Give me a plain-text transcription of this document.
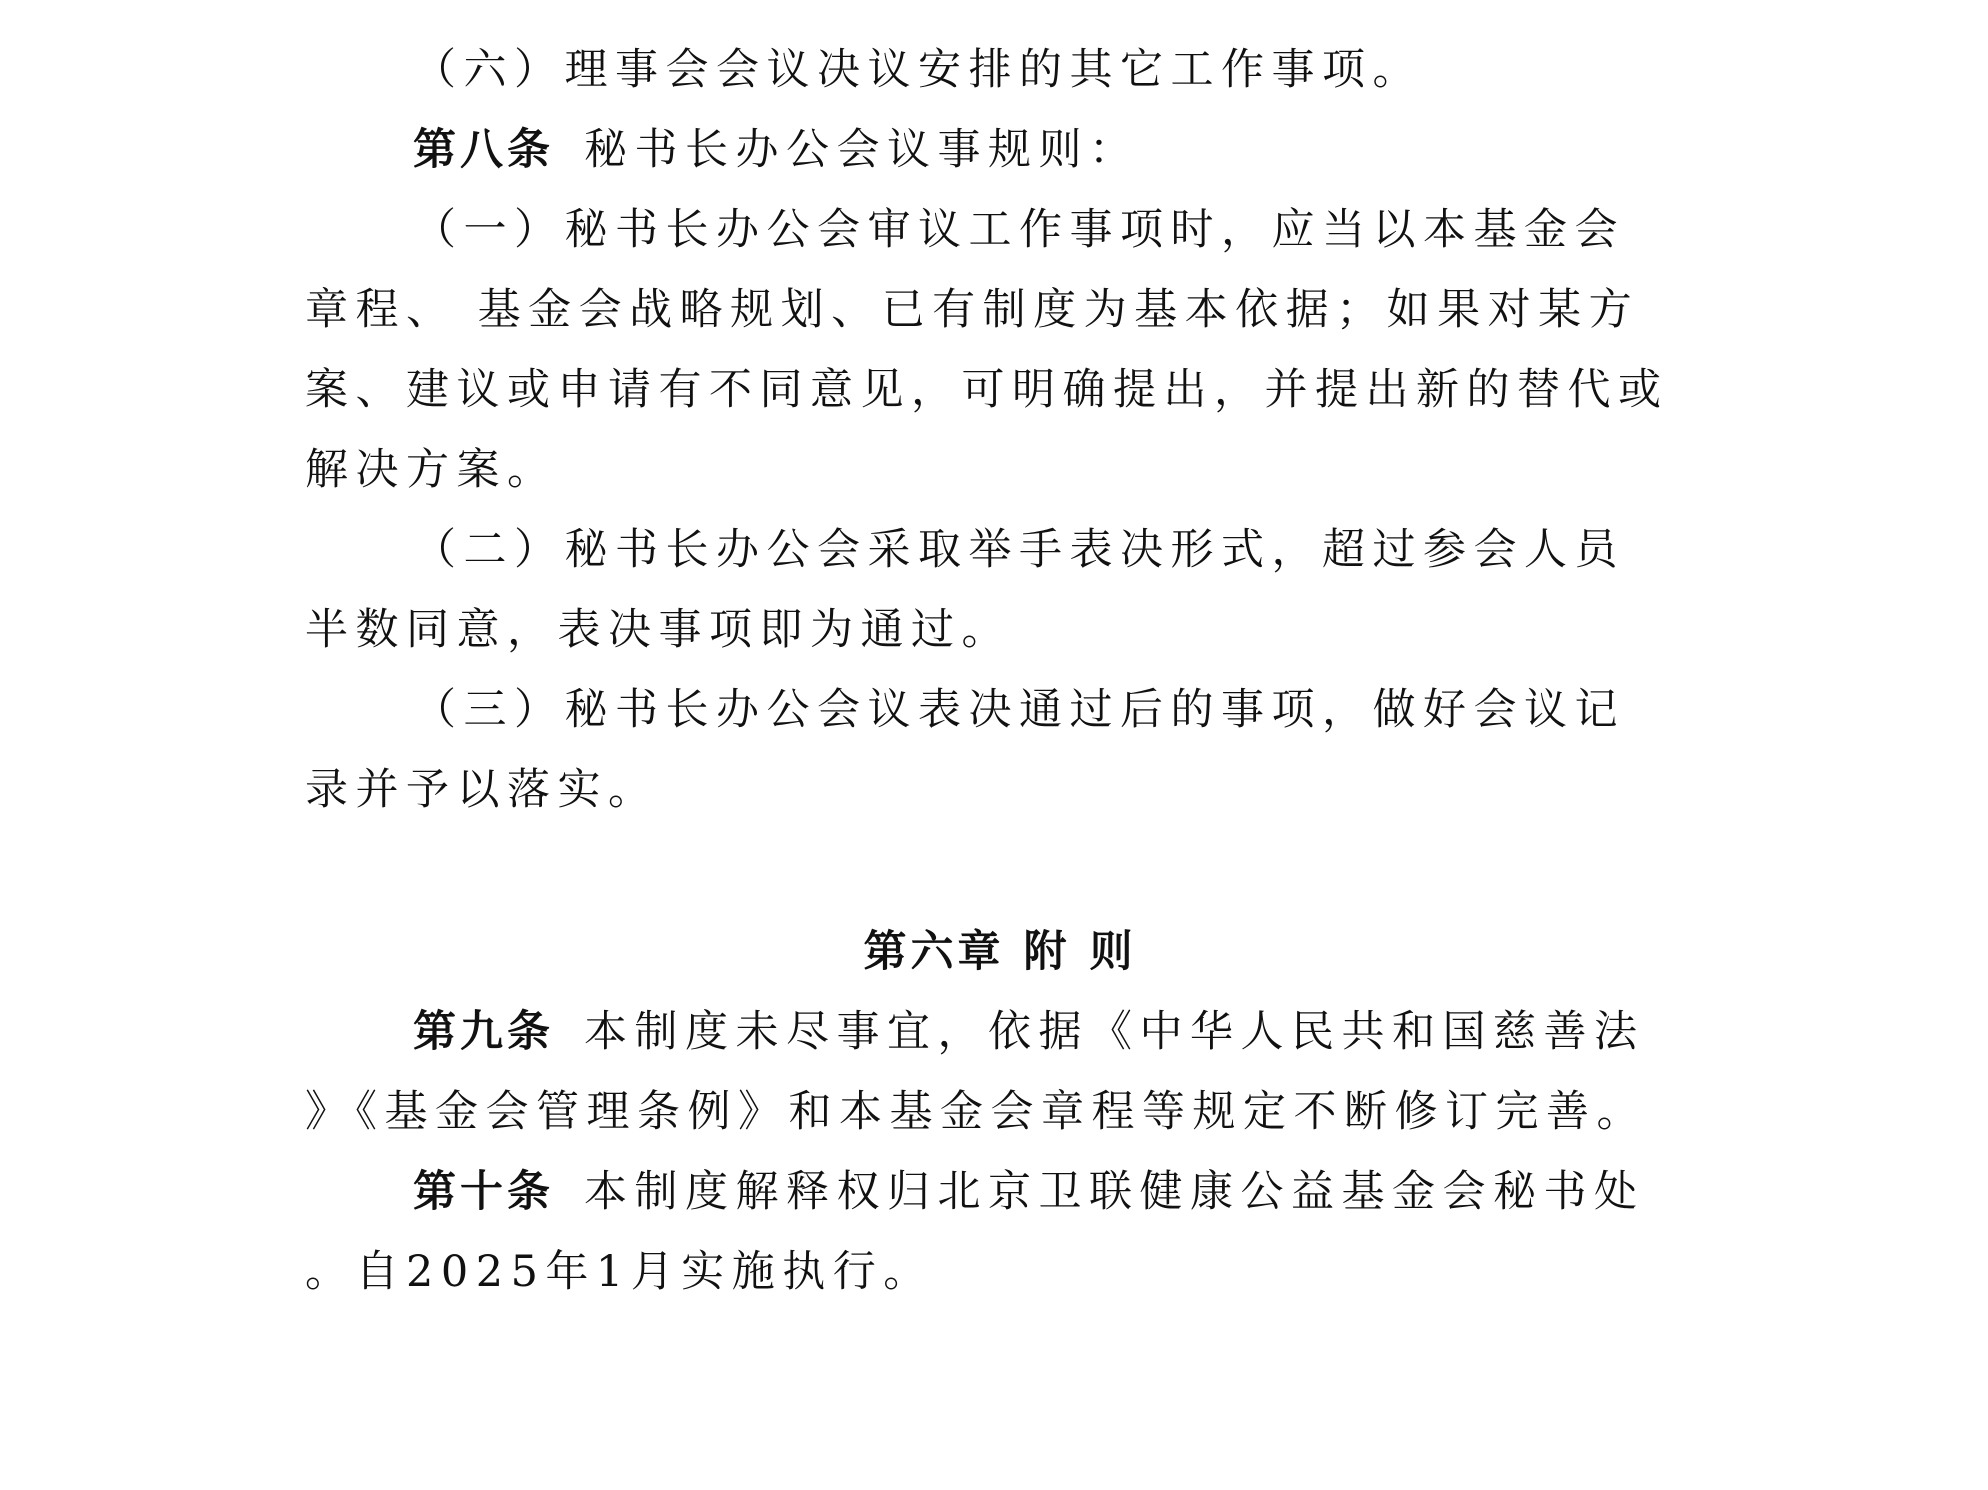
（六）理事会会议决议安排的其它工作事项。
第八条 秘书长办公会议事规则：
（一）秘书长办公会审议工作事项时，应当以本基金会
章程、 基金会战略规划、已有制度为基本依据；如果对某方
案、建议或申请有不同意见，可明确提出，并提出新的替代或
解决方案。
（二）秘书长办公会采取举手表决形式，超过参会人员
半数同意，表决事项即为通过。
（三）秘书长办公会议表决通过后的事项，做好会议记
录并予以落实。
第六章 附 则
第九条 本制度未尽事宜，依据《中华人民共和国慈善法
》《基金会管理条例》和本基金会章程等规定不断修订完善。
第十条 本制度解释权归北京卫联健康公益基金会秘书处
。自2025年1月实施执行。
